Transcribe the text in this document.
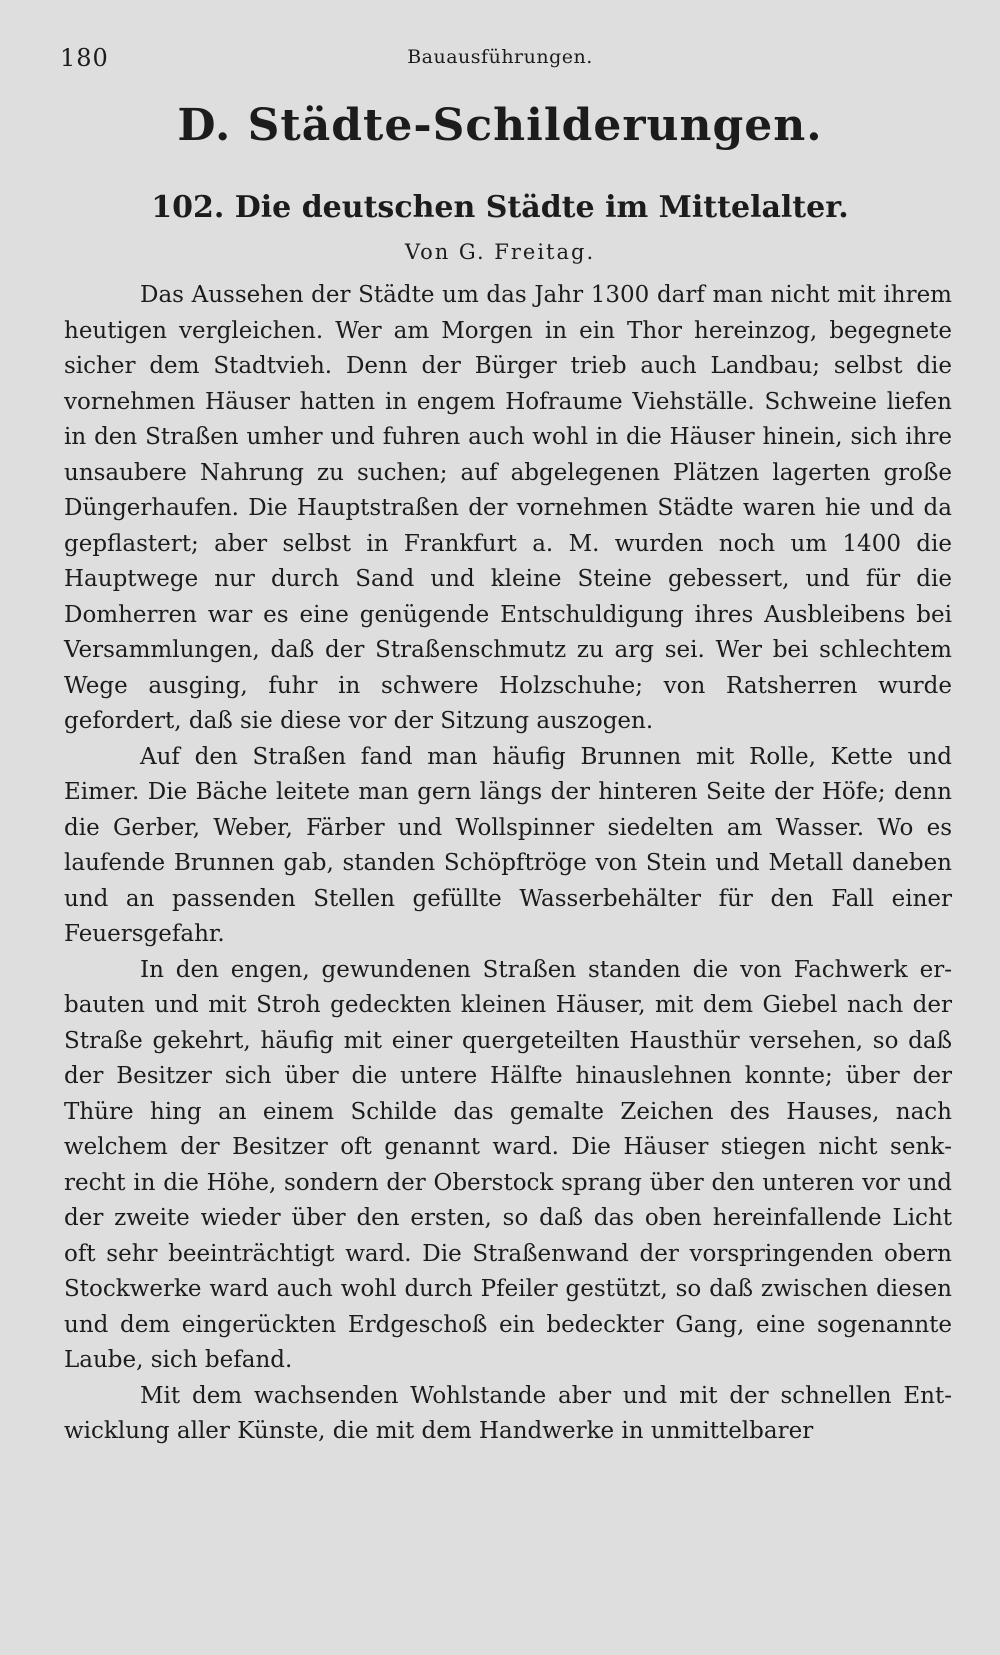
180	Bauausführungen.
D. Städte-Schilderungen.
102. Die deutschen Städte im Mittelalter.
Von G. Freitag.

Das Aussehen der Städte um das Jahr 1300 darf man nicht mit ihrem heutigen vergleichen. Wer am Morgen in ein Thor hereinzog, begegnete sicher dem Stadtvieh. Denn der Bürger trieb auch Landbau; selbst die vornehmen Häuser hatten in engem Hofraume Viehställe. Schweine liefen in den Straßen umher und fuhren auch wohl in die Häuser hinein, sich ihre unsaubere Nahrung zu suchen; auf abgelegenen Plätzen lagerten große Düngerhaufen. Die Hauptstraßen der vornehmen Städte waren hie und da gepflastert; aber selbst in Frankfurt a. M. wurden noch um 1400 die Hauptwege nur durch Sand und kleine Steine gebessert, und für die Domherren war es eine genügende Entschuldigung ihres Ausbleibens bei Versammlungen, daß der Straßenschmutz zu arg sei. Wer bei schlechtem Wege ausging, fuhr in schwere Holzschuhe; von Ratsherren wurde gefordert, daß sie diese vor der Sitzung auszogen.

Auf den Straßen fand man häufig Brunnen mit Rolle, Kette und Eimer. Die Bäche leitete man gern längs der hinteren Seite der Höfe; denn die Gerber, Weber, Färber und Wollspinner siedelten am Wasser. Wo es laufende Brunnen gab, standen Schöpftröge von Stein und Metall daneben und an passenden Stellen gefüllte Wasserbehälter für den Fall einer Feuersgefahr.

In den engen, gewundenen Straßen standen die von Fachwerk erbauten und mit Stroh gedeckten kleinen Häuser, mit dem Giebel nach der Straße gekehrt, häufig mit einer quergeteilten Hausthür versehen, so daß der Besitzer sich über die untere Hälfte hinauslehnen konnte; über der Thüre hing an einem Schilde das gemalte Zeichen des Hauses, nach welchem der Besitzer oft genannt ward. Die Häuser stiegen nicht senkrecht in die Höhe, sondern der Oberstock sprang über den unteren vor und der zweite wieder über den ersten, so daß das oben hereinfallende Licht oft sehr beeinträchtigt ward. Die Straßenwand der vorspringenden obern Stockwerke ward auch wohl durch Pfeiler gestützt, so daß zwischen diesen und dem eingerückten Erdgeschoß ein bedeckter Gang, eine sogenannte Laube, sich befand.

Mit dem wachsenden Wohlstande aber und mit der schnellen Entwicklung aller Künste, die mit dem Handwerke in unmittelbarer
